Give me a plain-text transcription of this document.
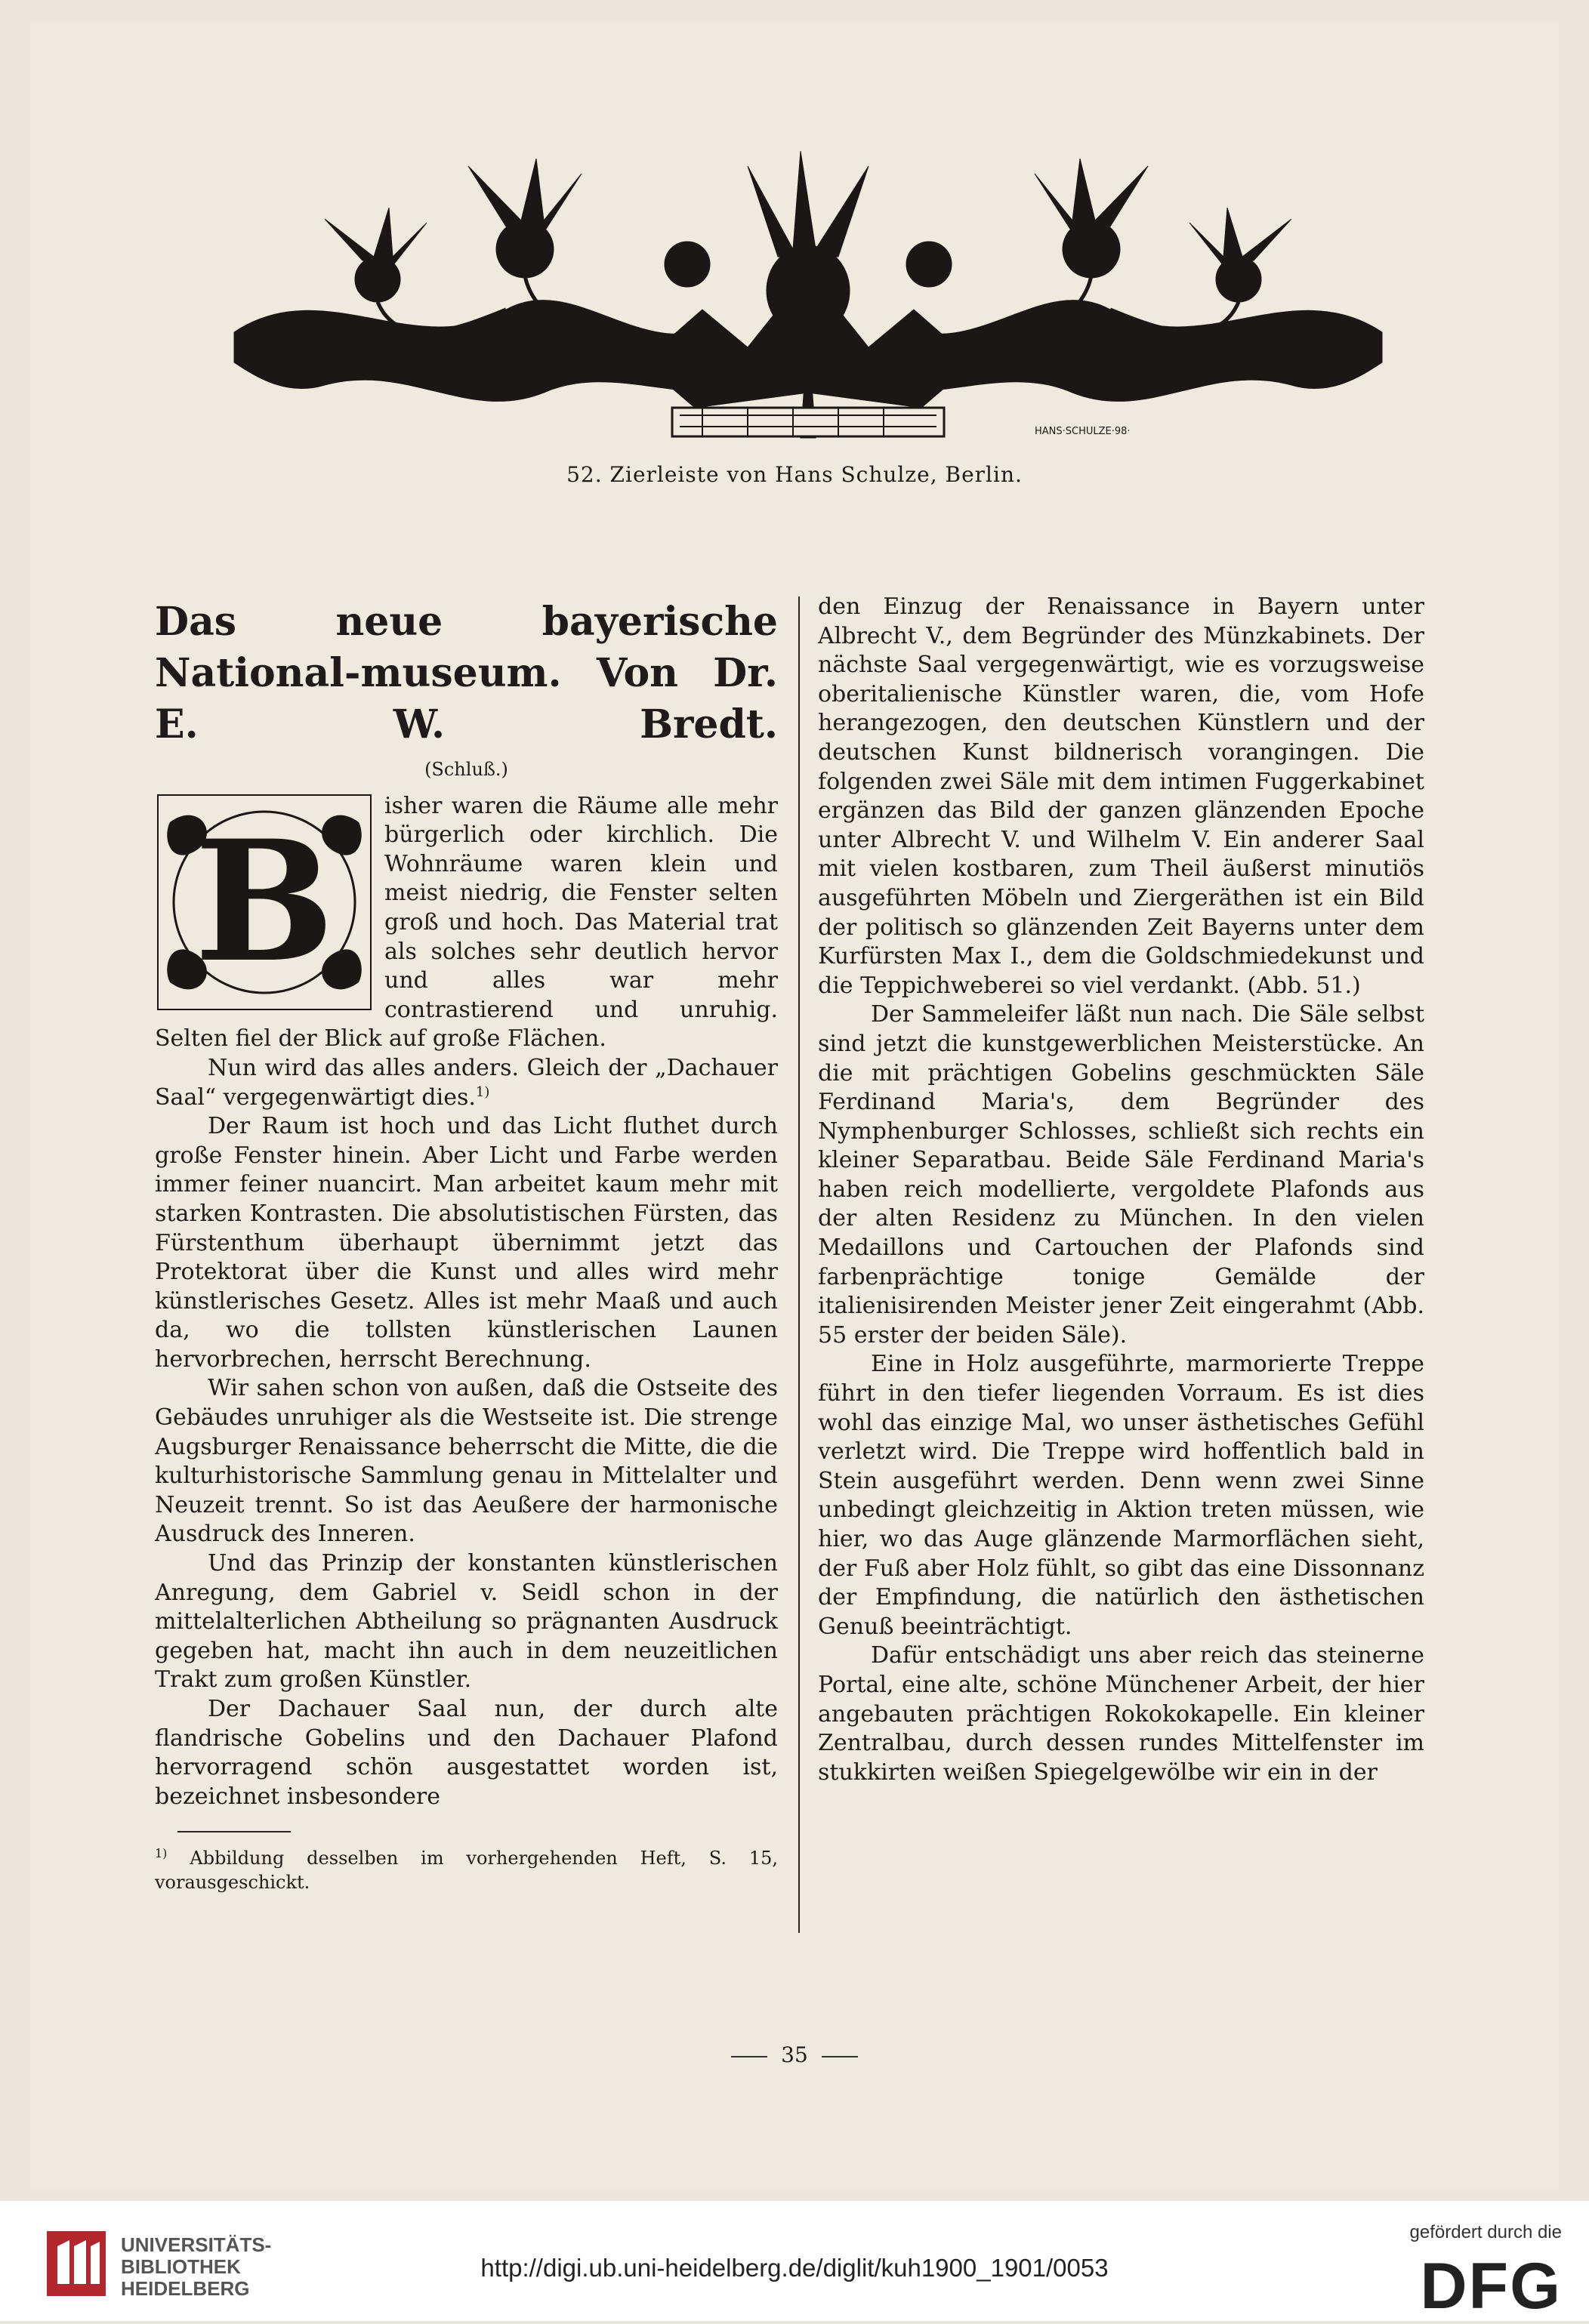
HANS·SCHULZE·98·
52. Zierleiste von Hans Schulze, Berlin.
Das neue bayerische National-museum. Von Dr. E. W. Bredt.
(Schluß.)
B	isher waren die Räume alle mehr bürgerlich oder kirchlich. Die Wohnräume waren klein und meist niedrig, die Fenster selten groß und hoch. Das Material trat als solches sehr deutlich hervor und alles war mehr contrastierend und unruhig. Selten fiel der Blick auf große Flächen.

Nun wird das alles anders. Gleich der „Dachauer Saal“ vergegenwärtigt dies.$^{1)}$

Der Raum ist hoch und das Licht fluthet durch große Fenster hinein. Aber Licht und Farbe werden immer feiner nuancirt. Man arbeitet kaum mehr mit starken Kontrasten. Die absolutistischen Fürsten, das Fürstenthum überhaupt übernimmt jetzt das Protektorat über die Kunst und alles wird mehr künstlerisches Gesetz. Alles ist mehr Maaß und auch da, wo die tollsten künstlerischen Launen hervorbrechen, herrscht Berechnung.

Wir sahen schon von außen, daß die Ostseite des Gebäudes unruhiger als die Westseite ist. Die strenge Augsburger Renaissance beherrscht die Mitte, die die kulturhistorische Sammlung genau in Mittelalter und Neuzeit trennt. So ist das Aeußere der harmonische Ausdruck des Inneren.

Und das Prinzip der konstanten künstlerischen Anregung, dem Gabriel v. Seidl schon in der mittelalterlichen Abtheilung so prägnanten Ausdruck gegeben hat, macht ihn auch in dem neuzeitlichen Trakt zum großen Künstler.

Der Dachauer Saal nun, der durch alte flandrische Gobelins und den Dachauer Plafond hervorragend schön ausgestattet worden ist, bezeichnet insbesondere

$^{1)}$ Abbildung desselben im vorhergehenden Heft, S. 15, vorausgeschickt.

den Einzug der Renaissance in Bayern unter Albrecht V., dem Begründer des Münzkabinets. Der nächste Saal vergegenwärtigt, wie es vorzugsweise oberitalienische Künstler waren, die, vom Hofe herangezogen, den deutschen Künstlern und der deutschen Kunst bildnerisch vorangingen. Die folgenden zwei Säle mit dem intimen Fuggerkabinet ergänzen das Bild der ganzen glänzenden Epoche unter Albrecht V. und Wilhelm V. Ein anderer Saal mit vielen kostbaren, zum Theil äußerst minutiös ausgeführten Möbeln und Ziergeräthen ist ein Bild der politisch so glänzenden Zeit Bayerns unter dem Kurfürsten Max I., dem die Goldschmiedekunst und die Teppichweberei so viel verdankt. (Abb. 51.)

Der Sammeleifer läßt nun nach. Die Säle selbst sind jetzt die kunstgewerblichen Meisterstücke. An die mit prächtigen Gobelins geschmückten Säle Ferdinand Maria's, dem Begründer des Nymphenburger Schlosses, schließt sich rechts ein kleiner Separatbau. Beide Säle Ferdinand Maria's haben reich modellierte, vergoldete Plafonds aus der alten Residenz zu München. In den vielen Medaillons und Cartouchen der Plafonds sind farbenprächtige tonige Gemälde der italienisirenden Meister jener Zeit eingerahmt (Abb. 55 erster der beiden Säle).

Eine in Holz ausgeführte, marmorierte Treppe führt in den tiefer liegenden Vorraum. Es ist dies wohl das einzige Mal, wo unser ästhetisches Gefühl verletzt wird. Die Treppe wird hoffentlich bald in Stein ausgeführt werden. Denn wenn zwei Sinne unbedingt gleichzeitig in Aktion treten müssen, wie hier, wo das Auge glänzende Marmorflächen sieht, der Fuß aber Holz fühlt, so gibt das eine Dissonnanz der Empfindung, die natürlich den ästhetischen Genuß beeinträchtigt.

Dafür entschädigt uns aber reich das steinerne Portal, eine alte, schöne Münchener Arbeit, der hier angebauten prächtigen Rokokokapelle. Ein kleiner Zentralbau, durch dessen rundes Mittelfenster im stukkirten weißen Spiegelgewölbe wir ein in der

35
UNIVERSITÄTS-
BIBLIOTHEK
HEIDELBERG
http://digi.ub.uni-heidelberg.de/diglit/kuh1900_1901/0053
gefördert durch die
DFG
